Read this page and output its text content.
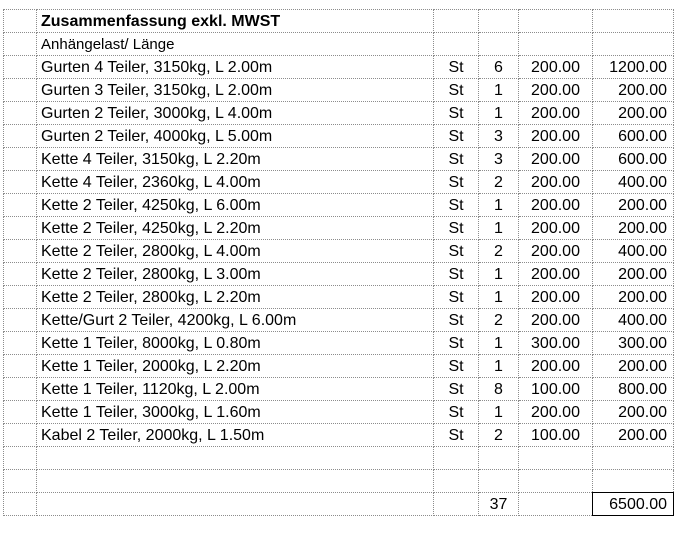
	Zusammenfassung exkl. MWST				
	Anhängelast/ Länge				
	Gurten 4 Teiler, 3150kg, L 2.00m	St	6	200.00	1200.00
	Gurten 3 Teiler, 3150kg, L 2.00m	St	1	200.00	200.00
	Gurten 2 Teiler, 3000kg, L 4.00m	St	1	200.00	200.00
	Gurten 2 Teiler, 4000kg, L 5.00m	St	3	200.00	600.00
	Kette 4 Teiler, 3150kg, L 2.20m	St	3	200.00	600.00
	Kette 4 Teiler, 2360kg, L 4.00m	St	2	200.00	400.00
	Kette 2 Teiler, 4250kg, L 6.00m	St	1	200.00	200.00
	Kette 2 Teiler, 4250kg, L 2.20m	St	1	200.00	200.00
	Kette 2 Teiler, 2800kg, L 4.00m	St	2	200.00	400.00
	Kette 2 Teiler, 2800kg, L 3.00m	St	1	200.00	200.00
	Kette 2 Teiler, 2800kg, L 2.20m	St	1	200.00	200.00
	Kette/Gurt 2 Teiler, 4200kg, L 6.00m	St	2	200.00	400.00
	Kette 1 Teiler, 8000kg, L 0.80m	St	1	300.00	300.00
	Kette 1 Teiler, 2000kg, L 2.20m	St	1	200.00	200.00
	Kette 1 Teiler, 1120kg, L 2.00m	St	8	100.00	800.00
	Kette 1 Teiler, 3000kg, L 1.60m	St	1	200.00	200.00
	Kabel 2 Teiler, 2000kg, L 1.50m	St	2	100.00	200.00

			37		6500.00
